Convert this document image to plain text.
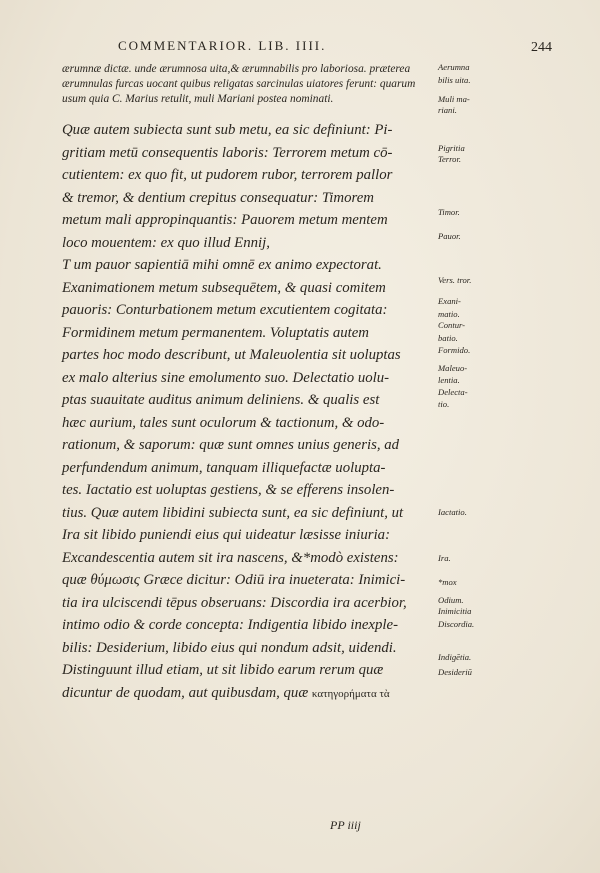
COMMENTARIOR. LIB. IIII.	244
ærumnæ dictæ. unde ærumnosa uita,& ærumnabilis pro laboriosa. præterea
ærumnulas furcas uocant quibus religatas sarcinulas uiatores ferunt: quarum
usum quia C. Marius retulit, muli Mariani postea nominati.
Quæ autem subiecta sunt sub metu, ea sic definiunt: Pi-
gritiam metū consequentis laboris: Terrorem metum cō-
cutientem: ex quo fit, ut pudorem rubor, terrorem pallor
& tremor, & dentium crepitus consequatur: Timorem
metum mali appropinquantis: Pauorem metum mentem
loco mouentem: ex quo illud Ennij,
T um pauor sapientiā mihi omnē ex animo expectorat.
Exanimationem metum subsequētem, & quasi comitem
pauoris: Conturbationem metum excutientem cogitata:
Formidinem metum permanentem. Voluptatis autem
partes hoc modo describunt, ut Maleuolentia sit uoluptas
ex malo alterius sine emolumento suo. Delectatio uolu-
ptas suauitate auditus animum deliniens. & qualis est
hæc aurium, tales sunt oculorum & tactionum, & odo-
rationum, & saporum: quæ sunt omnes unius generis, ad
perfundendum animum, tanquam illiquefactæ uolupta-
tes. Iactatio est uoluptas gestiens, & se efferens insolen-
tius. Quæ autem libidini subiecta sunt, ea sic definiunt, ut
Ira sit libido puniendi eius qui uideatur læsisse iniuria:
Excandescentia autem sit ira nascens, &*modò existens:
quæ θύμωσις Græce dicitur: Odiū ira inueterata: Inimici-
tia ira ulciscendi tēpus obseruans: Discordia ira acerbior,
intimo odio & corde concepta: Indigentia libido inexple-
bilis: Desiderium, libido eius qui nondum adsit, uidendi.
Distinguunt illud etiam, ut sit libido earum rerum quæ
dicuntur de quodam, aut quibusdam, quæ κατηγορήματα τὰ
Aerumna
bilis uita.
Muli ma-
riani.
Pigritia
Terror.
Timor.
Pauor.
Vers. tror.
Exani-
matio.
Contur-
batio.
Formido.
Maleuo-
lentia.
Delecta-
tio.
Iactatio.
Ira.
*mox
Odium.
Inimicitia
Discordia.
Indigētia.
Desideriū
PP iiij
